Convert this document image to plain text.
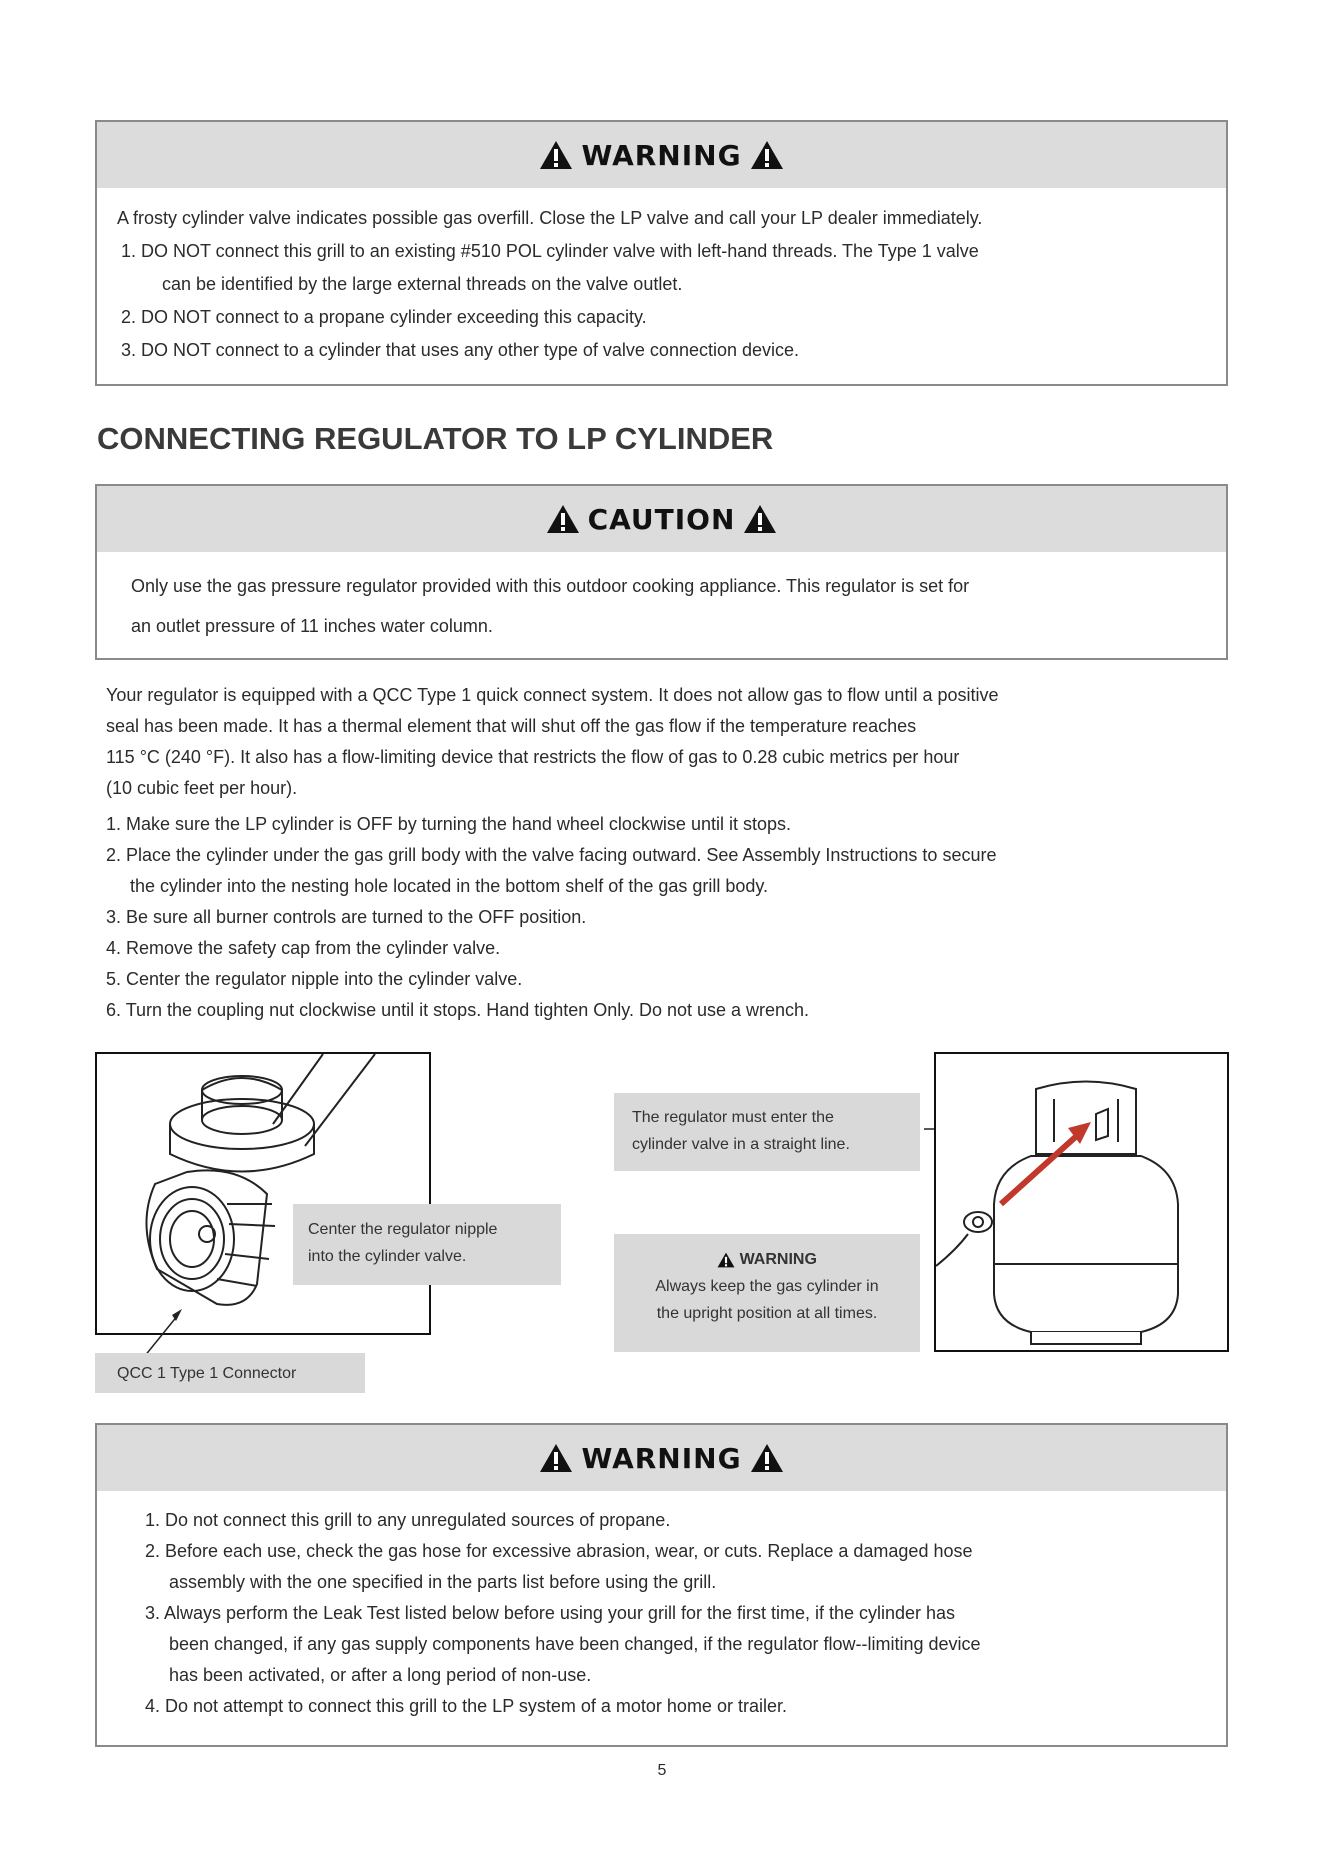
WARNING
A frosty cylinder valve indicates possible gas overfill. Close the LP valve and call your LP dealer immediately.
1. DO NOT connect this grill to an existing #510 POL cylinder valve with left-hand threads. The Type 1 valve
can be identified by the large external threads on the valve outlet.
2. DO NOT connect to a propane cylinder exceeding this capacity.
3. DO NOT connect to a cylinder that uses any other type of valve connection device.
CONNECTING REGULATOR TO LP CYLINDER
CAUTION
Only use the gas pressure regulator provided with this outdoor cooking appliance. This regulator is set for
an outlet pressure of 11 inches water column.
Your regulator is equipped with a QCC Type 1 quick connect system. It does not allow gas to flow until a positive
seal has been made. It has a thermal element that will shut off the gas flow if the temperature reaches
115 °C (240 °F). It also has a flow-limiting device that restricts the flow of gas to 0.28 cubic metrics per hour
(10 cubic feet per hour).
1. Make sure the LP cylinder is OFF by turning the hand wheel clockwise until it stops.
2. Place the cylinder under the gas grill body with the valve facing outward. See Assembly Instructions to secure
the cylinder into the nesting hole located in the bottom shelf of the gas grill body.
3. Be sure all burner controls are turned to the OFF position.
4. Remove the safety cap from the cylinder valve.
5. Center the regulator nipple into the cylinder valve.
6. Turn the coupling nut clockwise until it stops. Hand tighten Only. Do not use a wrench.
Center the regulator nipple
into the cylinder valve.
QCC 1 Type 1 Connector
The regulator must enter the
cylinder valve in a straight line.
WARNING
Always keep the gas cylinder in
the upright position at all times.
WARNING
1. Do not connect this grill to any unregulated sources of propane.
2. Before each use, check the gas hose for excessive abrasion, wear, or cuts. Replace a damaged hose
assembly with the one specified in the parts list before using the grill.
3. Always perform the Leak Test listed below before using your grill for the first time, if the cylinder has
been changed, if any gas supply components have been changed, if the regulator flow--limiting device
has been activated, or after a long period of non-use.
4. Do not attempt to connect this grill to the LP system of a motor home or trailer.
5
